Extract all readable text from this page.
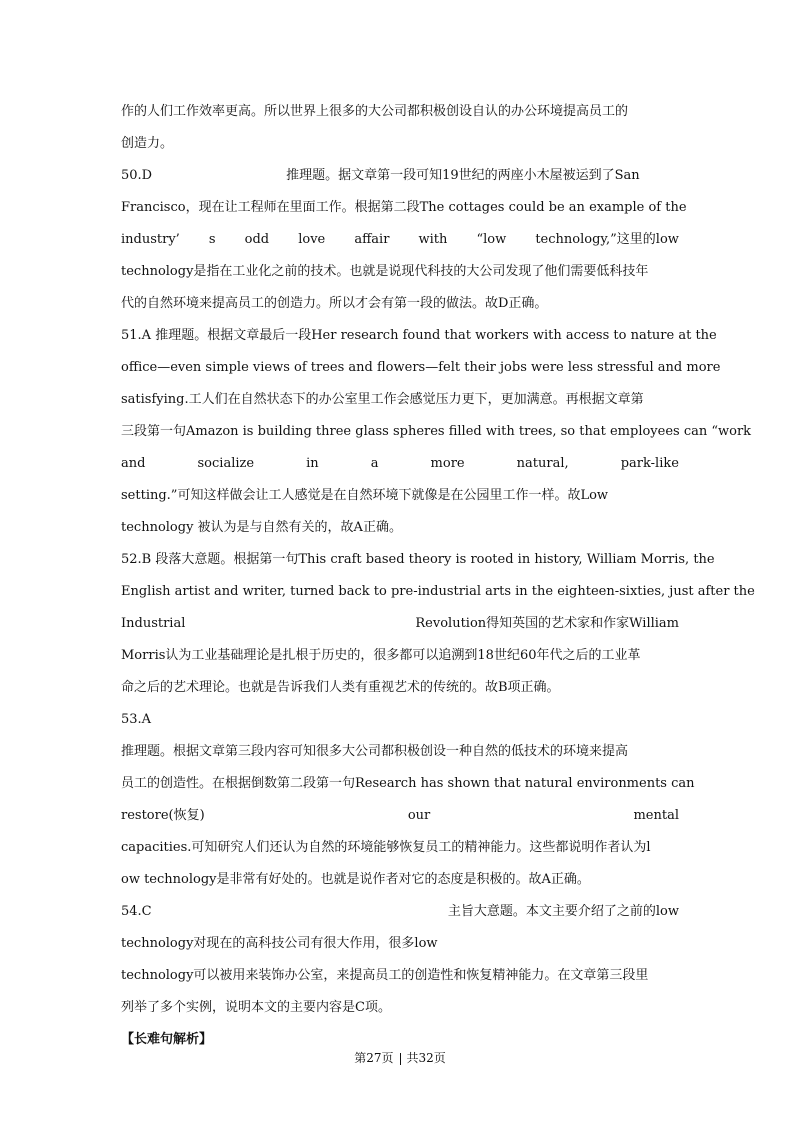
作的人们工作效率更高。所以世界上很多的大公司都积极创设自认的办公环境提高员工的
创造力。
50.D	推理题。据文章第一段可知19世纪的两座小木屋被运到了San
Francisco，现在让工程师在里面工作。根据第二段The cottages could be an example of the
industry’ s odd love affair with “low technology,”这里的low
technology是指在工业化之前的技术。也就是说现代科技的大公司发现了他们需要低科技年
代的自然环境来提高员工的创造力。所以才会有第一段的做法。故D正确。
51.A 推理题。根据文章最后一段Her research found that workers with access to nature at the
office—even simple views of trees and flowers—felt their jobs were less stressful and more
satisfying.工人们在自然状态下的办公室里工作会感觉压力更下，更加满意。再根据文章第
三段第一句Amazon is building three glass spheres filled with trees, so that employees can “work
and	socialize	in	a	more	natural,	park-like
setting.”可知这样做会让工人感觉是在自然环境下就像是在公园里工作一样。故Low
technology 被认为是与自然有关的，故A正确。
52.B 段落大意题。根据第一句This craft based theory is rooted in history, William Morris, the
English artist and writer, turned back to pre-industrial arts in the eighteen-sixties, just after the
Industrial	Revolution得知英国的艺术家和作家William
Morris认为工业基础理论是扎根于历史的，很多都可以追溯到18世纪60年代之后的工业革
命之后的艺术理论。也就是告诉我们人类有重视艺术的传统的。故B项正确。
53.A
推理题。根据文章第三段内容可知很多大公司都积极创设一种自然的低技术的环境来提高
员工的创造性。在根据倒数第二段第一句Research has shown that natural environments can
restore(恢复)	our	mental
capacities.可知研究人们还认为自然的环境能够恢复员工的精神能力。这些都说明作者认为l
ow technology是非常有好处的。也就是说作者对它的态度是积极的。故A正确。
54.C	主旨大意题。本文主要介绍了之前的low
technology对现在的高科技公司有很大作用，很多low
technology可以被用来装饰办公室，来提高员工的创造性和恢复精神能力。在文章第三段里
列举了多个实例，说明本文的主要内容是C项。
【长难句解析】
第27页 共32页
